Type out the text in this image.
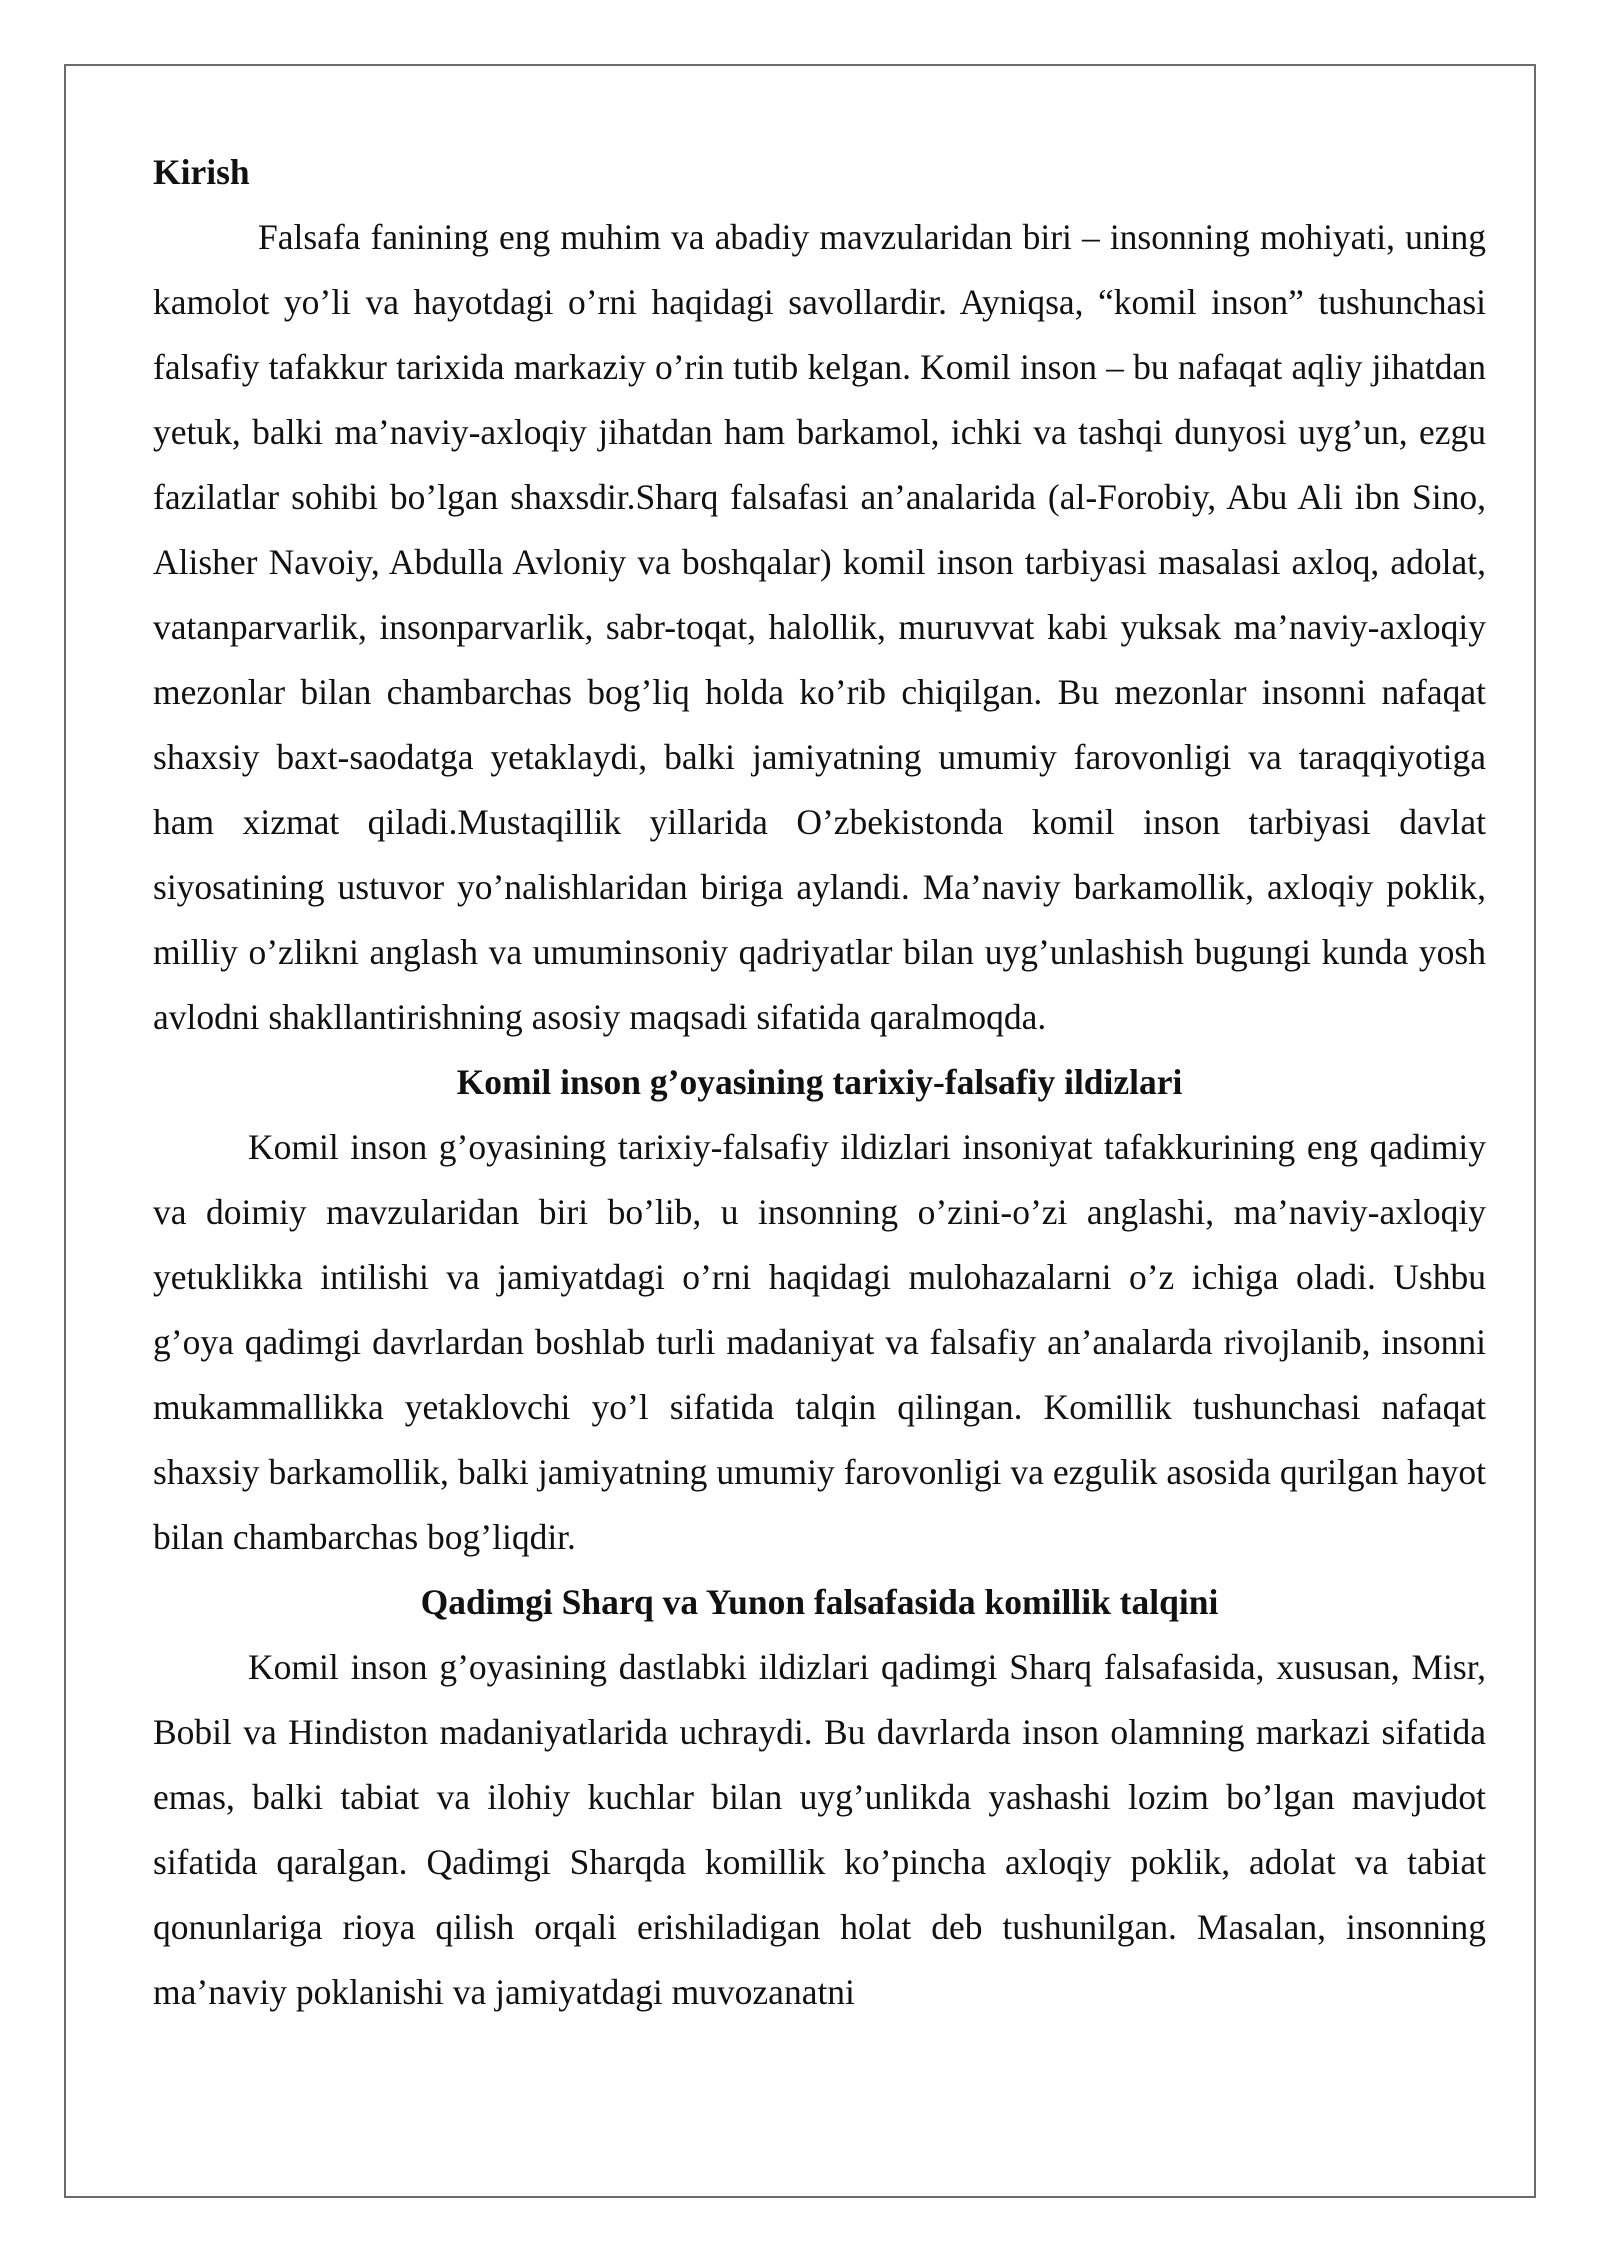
Kirish

Falsafa fanining eng muhim va abadiy mavzularidan biri – insonning mohiyati, uning kamolot yo’li va hayotdagi o’rni haqidagi savollardir. Ayniqsa, “komil inson” tushunchasi falsafiy tafakkur tarixida markaziy o’rin tutib kelgan. Komil inson – bu nafaqat aqliy jihatdan yetuk, balki ma’naviy-axloqiy jihatdan ham barkamol, ichki va tashqi dunyosi uyg’un, ezgu fazilatlar sohibi bo’lgan shaxsdir.Sharq falsafasi an’analarida (al-Forobiy, Abu Ali ibn Sino, Alisher Navoiy, Abdulla Avloniy va boshqalar) komil inson tarbiyasi masalasi axloq, adolat, vatanparvarlik, insonparvarlik, sabr-toqat, halollik, muruvvat kabi yuksak ma’naviy-axloqiy mezonlar bilan chambarchas bog’liq holda ko’rib chiqilgan. Bu mezonlar insonni nafaqat shaxsiy baxt-saodatga yetaklaydi, balki jamiyatning umumiy farovonligi va taraqqiyotiga ham xizmat qiladi.Mustaqillik yillarida O’zbekistonda komil inson tarbiyasi davlat siyosatining ustuvor yo’nalishlaridan biriga aylandi. Ma’naviy barkamollik, axloqiy poklik, milliy o’zlikni anglash va umuminsoniy qadriyatlar bilan uyg’unlashish bugungi kunda yosh avlodni shakllantirishning asosiy maqsadi sifatida qaralmoqda.

Komil inson g’oyasining tarixiy-falsafiy ildizlari

Komil inson g’oyasining tarixiy-falsafiy ildizlari insoniyat tafakkurining eng qadimiy va doimiy mavzularidan biri bo’lib, u insonning o’zini-o’zi anglashi, ma’naviy-axloqiy yetuklikka intilishi va jamiyatdagi o’rni haqidagi mulohazalarni o’z ichiga oladi. Ushbu g’oya qadimgi davrlardan boshlab turli madaniyat va falsafiy an’analarda rivojlanib, insonni mukammallikka yetaklovchi yo’l sifatida talqin qilingan. Komillik tushunchasi nafaqat shaxsiy barkamollik, balki jamiyatning umumiy farovonligi va ezgulik asosida qurilgan hayot bilan chambarchas bog’liqdir.

Qadimgi Sharq va Yunon falsafasida komillik talqini

Komil inson g’oyasining dastlabki ildizlari qadimgi Sharq falsafasida, xususan, Misr, Bobil va Hindiston madaniyatlarida uchraydi. Bu davrlarda inson olamning markazi sifatida emas, balki tabiat va ilohiy kuchlar bilan uyg’unlikda yashashi lozim bo’lgan mavjudot sifatida qaralgan. Qadimgi Sharqda komillik ko’pincha axloqiy poklik, adolat va tabiat qonunlariga rioya qilish orqali erishiladigan holat deb tushunilgan. Masalan, insonning ma’naviy poklanishi va jamiyatdagi muvozanatni
